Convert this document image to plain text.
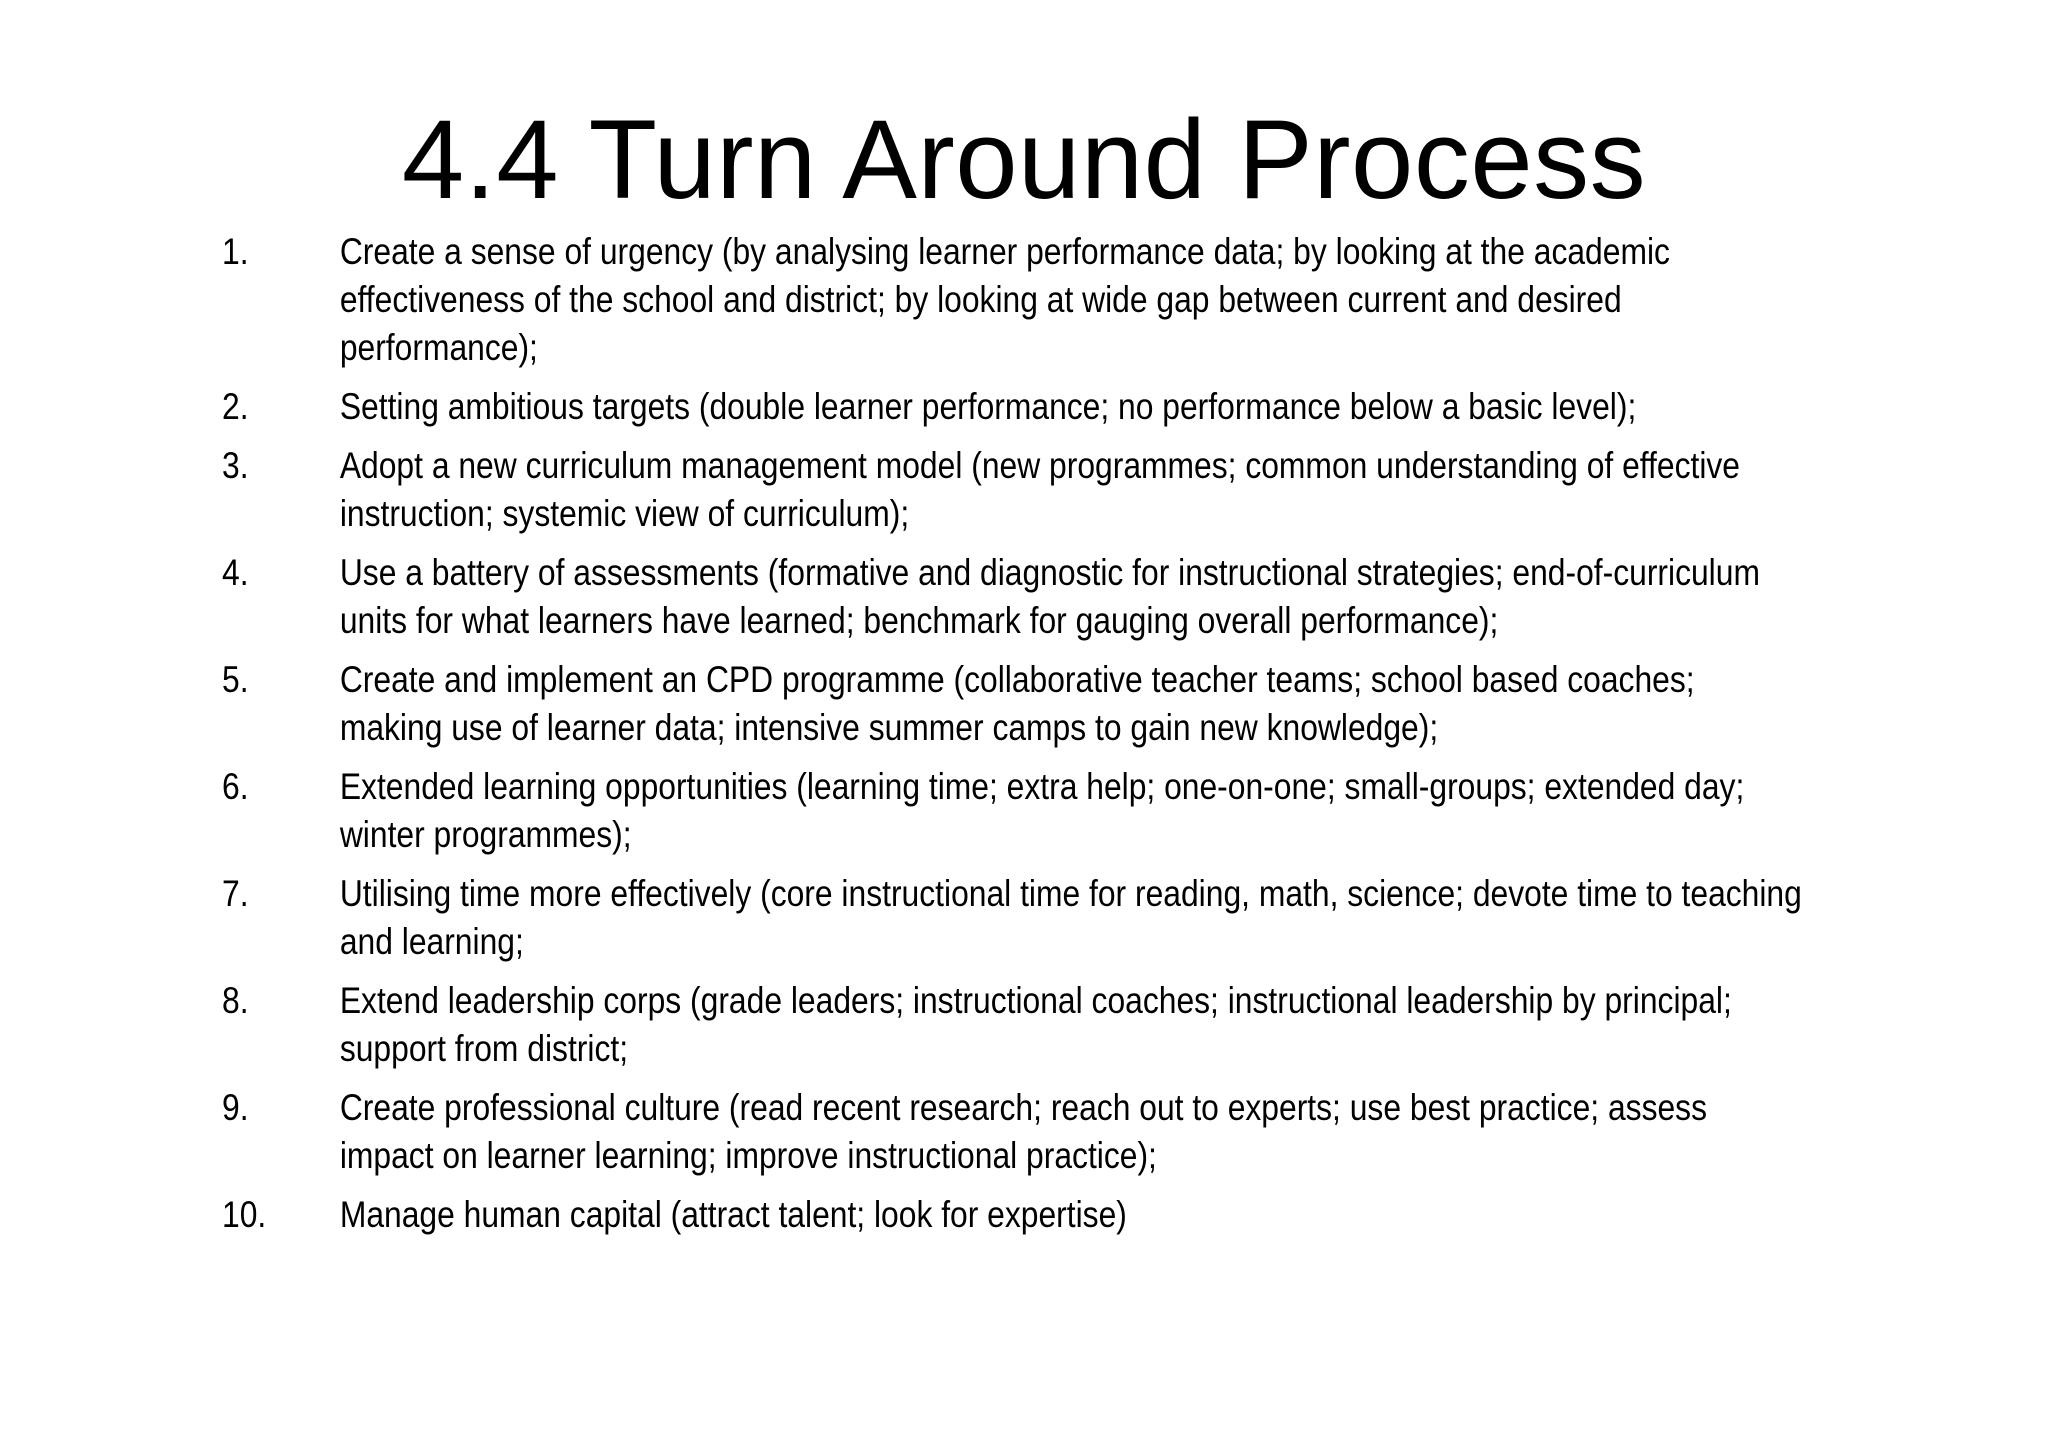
4.4 Turn Around Process
1.	Create a sense of urgency (by analysing learner performance data; by looking at the academic effectiveness of the school and district; by looking at wide gap between current and desired performance);
2.	Setting ambitious targets (double learner performance; no performance below a basic level);
3.	Adopt a new curriculum management model (new programmes; common understanding of effective instruction; systemic view of curriculum);
4.	Use a battery of assessments (formative and diagnostic for instructional strategies; end-of-curriculum units for what learners have learned; benchmark for gauging overall performance);
5.	Create and implement an CPD programme (collaborative teacher teams; school based coaches; making use of learner data; intensive summer camps to gain new knowledge);
6.	Extended learning opportunities (learning time; extra help; one-on-one; small-groups; extended day; winter programmes);
7.	Utilising time more effectively (core instructional time for reading, math, science; devote time to teaching and learning;
8.	Extend leadership corps (grade leaders; instructional coaches; instructional leadership by principal; support from district;
9.	Create professional culture (read recent research; reach out to experts; use best practice; assess impact on learner learning; improve instructional practice);
10.	Manage human capital (attract talent; look for expertise)
